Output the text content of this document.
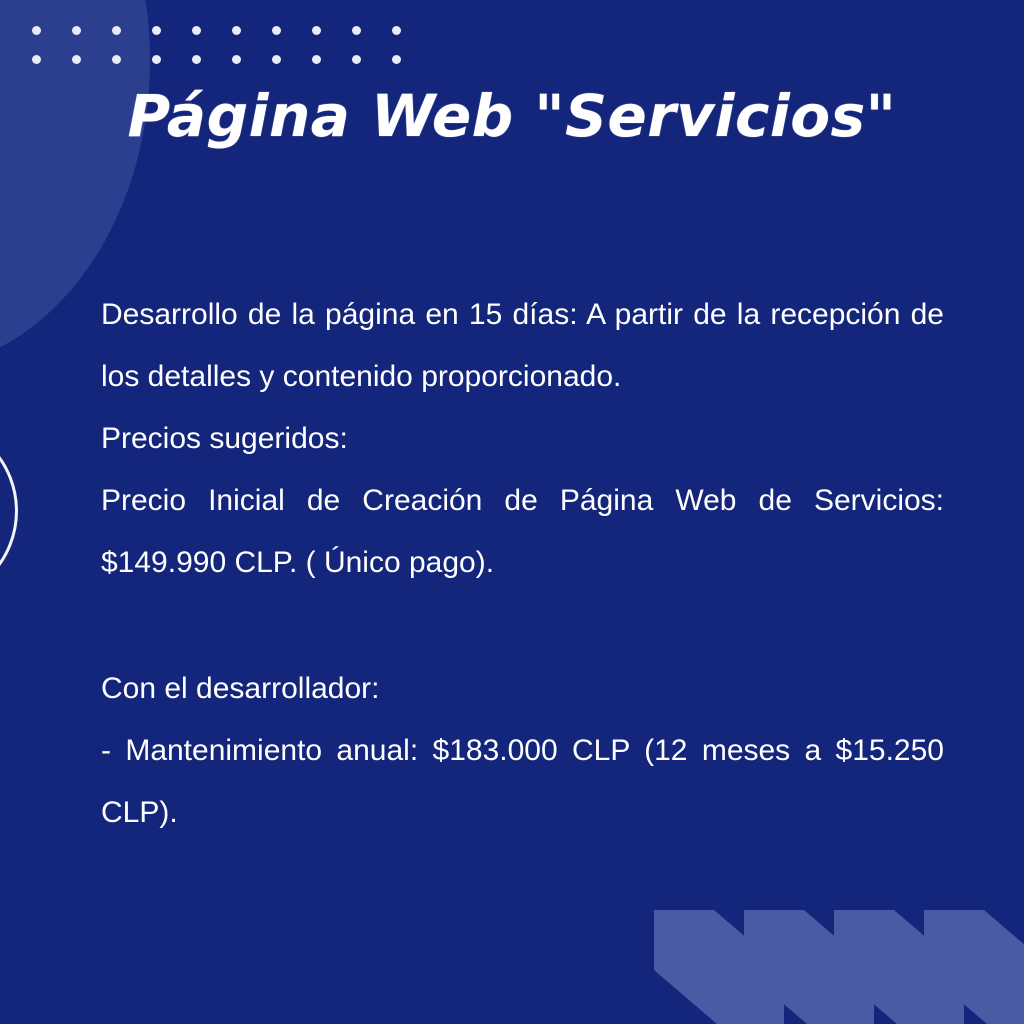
Página Web "Servicios"

Desarrollo de la página en 15 días: A partir de la recepción de los detalles y contenido proporcionado.

Precios sugeridos:

Precio Inicial de Creación de Página Web de Servicios: $149.990 CLP. ( Único pago).

Con el desarrollador:

- Mantenimiento anual: $183.000 CLP (12 meses a $15.250 CLP).
